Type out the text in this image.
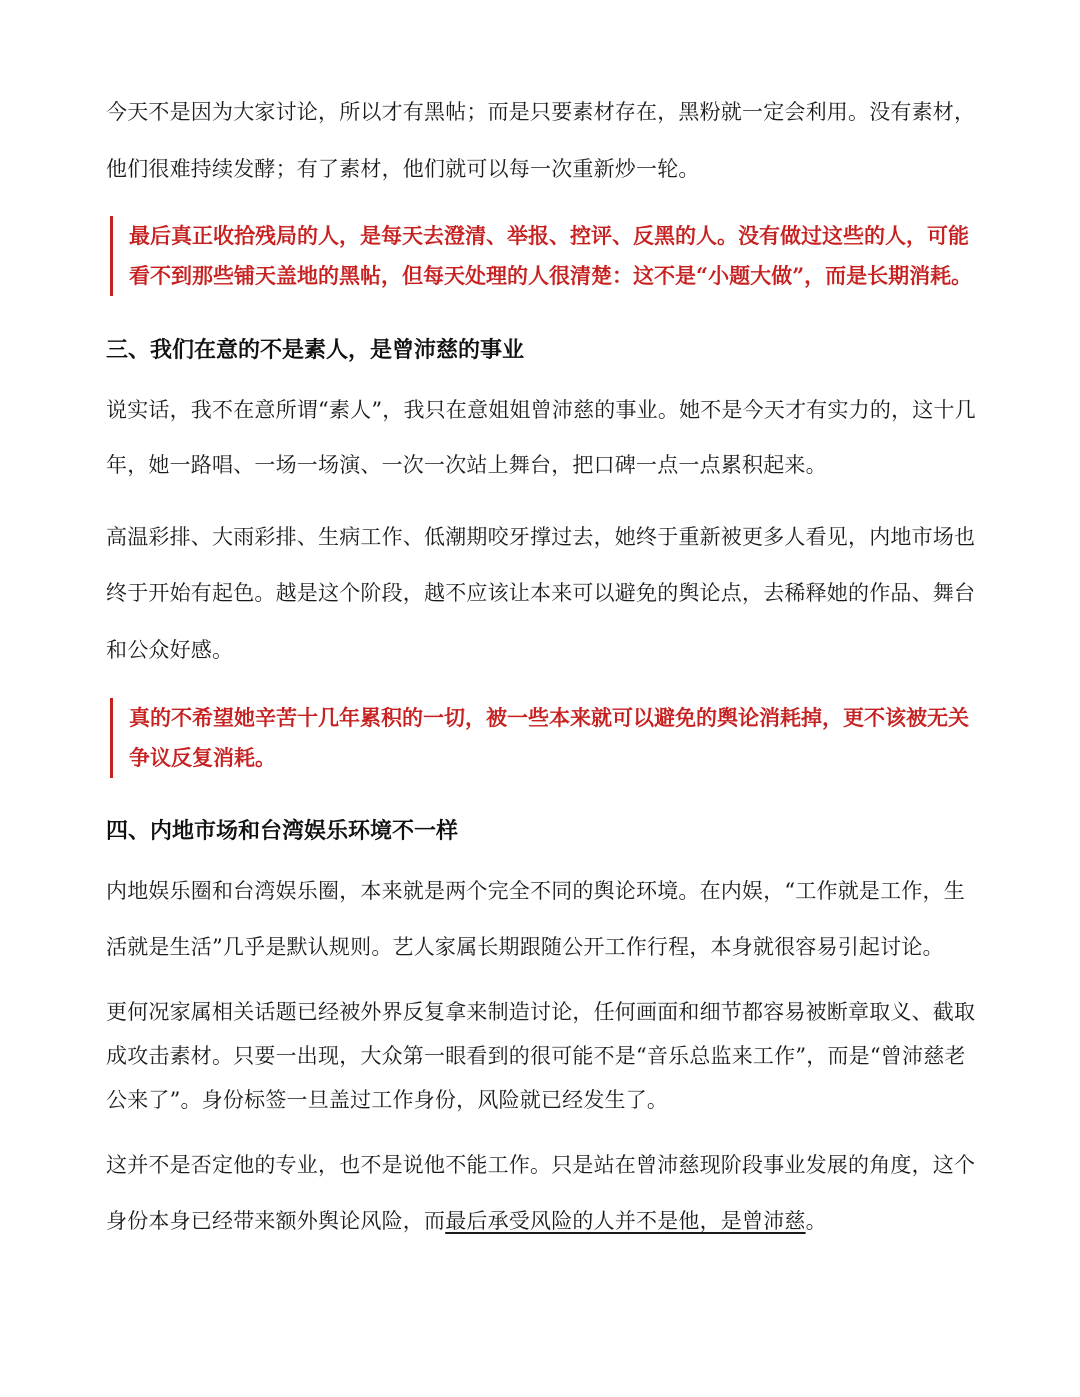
今天不是因为大家讨论，所以才有黑帖；而是只要素材存在，黑粉就一定会利用。没有素材，
他们很难持续发酵；有了素材，他们就可以每一次重新炒一轮。
最后真正收拾残局的人，是每天去澄清、举报、控评、反黑的人。没有做过这些的人，可能
看不到那些铺天盖地的黑帖，但每天处理的人很清楚：这不是“小题大做”，而是长期消耗。
三、我们在意的不是素人，是曾沛慈的事业
说实话，我不在意所谓“素人”，我只在意姐姐曾沛慈的事业。她不是今天才有实力的，这十几
年，她一路唱、一场一场演、一次一次站上舞台，把口碑一点一点累积起来。
高温彩排、大雨彩排、生病工作、低潮期咬牙撑过去，她终于重新被更多人看见，内地市场也
终于开始有起色。越是这个阶段，越不应该让本来可以避免的舆论点，去稀释她的作品、舞台
和公众好感。
真的不希望她辛苦十几年累积的一切，被一些本来就可以避免的舆论消耗掉，更不该被无关
争议反复消耗。
四、内地市场和台湾娱乐环境不一样
内地娱乐圈和台湾娱乐圈，本来就是两个完全不同的舆论环境。在内娱，“工作就是工作，生
活就是生活”几乎是默认规则。艺人家属长期跟随公开工作行程，本身就很容易引起讨论。
更何况家属相关话题已经被外界反复拿来制造讨论，任何画面和细节都容易被断章取义、截取
成攻击素材。只要一出现，大众第一眼看到的很可能不是“音乐总监来工作”，而是“曾沛慈老
公来了”。身份标签一旦盖过工作身份，风险就已经发生了。
这并不是否定他的专业，也不是说他不能工作。只是站在曾沛慈现阶段事业发展的角度，这个
身份本身已经带来额外舆论风险，而最后承受风险的人并不是他，是曾沛慈。
